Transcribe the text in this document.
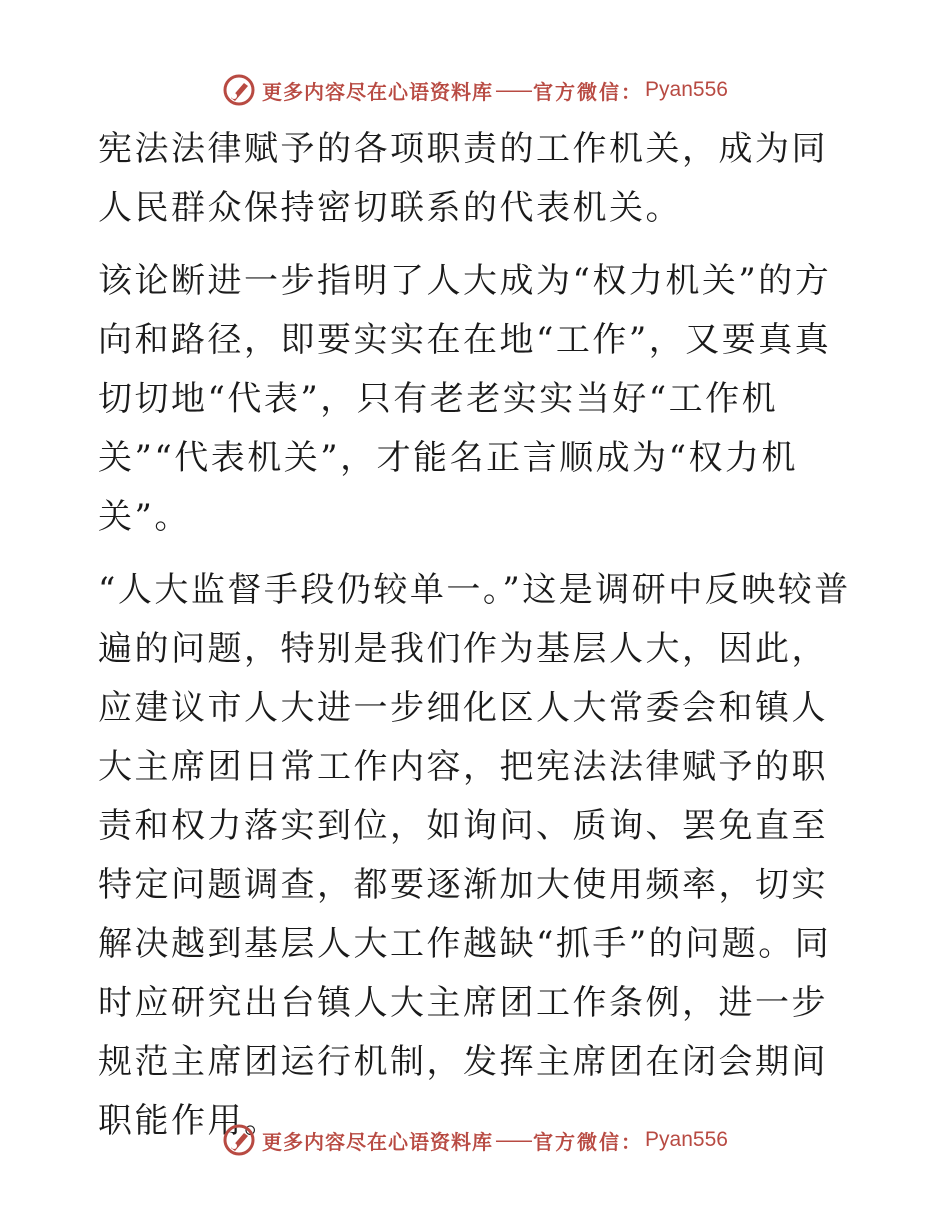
更多内容尽在心语资料库 —— 官方微信： Pyan556

宪法法律赋予的各项职责的工作机关，成为同人民群众保持密切联系的代表机关。

该论断进一步指明了人大成为“权力机关”的方向和路径，即要实实在在地“工作”，又要真真切切地“代表”，只有老老实实当好“工作机关”“代表机关”，才能名正言顺成为“权力机关”。

“人大监督手段仍较单一。”这是调研中反映较普遍的问题，特别是我们作为基层人大，因此，应建议市人大进一步细化区人大常委会和镇人大主席团日常工作内容，把宪法法律赋予的职责和权力落实到位，如询问、质询、罢免直至特定问题调查，都要逐渐加大使用频率，切实解决越到基层人大工作越缺“抓手”的问题。同时应研究出台镇人大主席团工作条例，进一步规范主席团运行机制，发挥主席团在闭会期间职能作用。

更多内容尽在心语资料库 —— 官方微信： Pyan556
